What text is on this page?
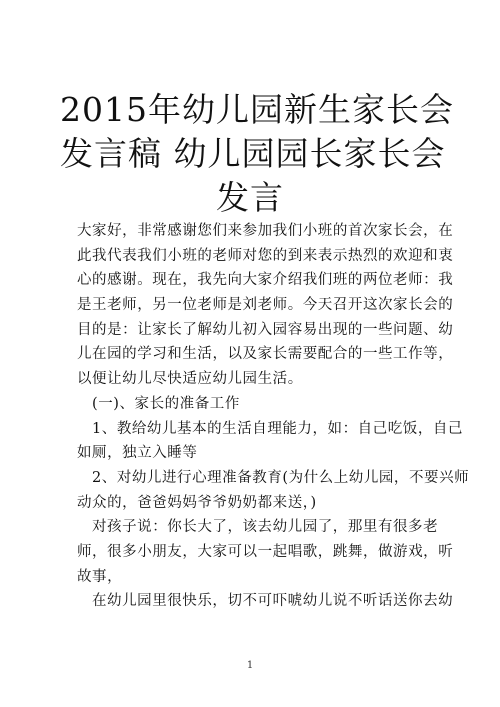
2015年幼儿园新生家长会
发言稿 幼儿园园长家长会
发言
大家好，非常感谢您们来参加我们小班的首次家长会，在
此我代表我们小班的老师对您的到来表示热烈的欢迎和衷
心的感谢。现在，我先向大家介绍我们班的两位老师：我
是王老师，另一位老师是刘老师。今天召开这次家长会的
目的是：让家长了解幼儿初入园容易出现的一些问题、幼
儿在园的学习和生活，以及家长需要配合的一些工作等，
以便让幼儿尽快适应幼儿园生活。
(一)、家长的准备工作
1、教给幼儿基本的生活自理能力，如：自己吃饭，自己
如厕，独立入睡等
2、对幼儿进行心理准备教育(为什么上幼儿园，不要兴师
动众的，爸爸妈妈爷爷奶奶都来送，)
对孩子说：你长大了，该去幼儿园了，那里有很多老
师，很多小朋友，大家可以一起唱歌，跳舞，做游戏，听
故事，
在幼儿园里很快乐，切不可吓唬幼儿说不听话送你去幼
1
